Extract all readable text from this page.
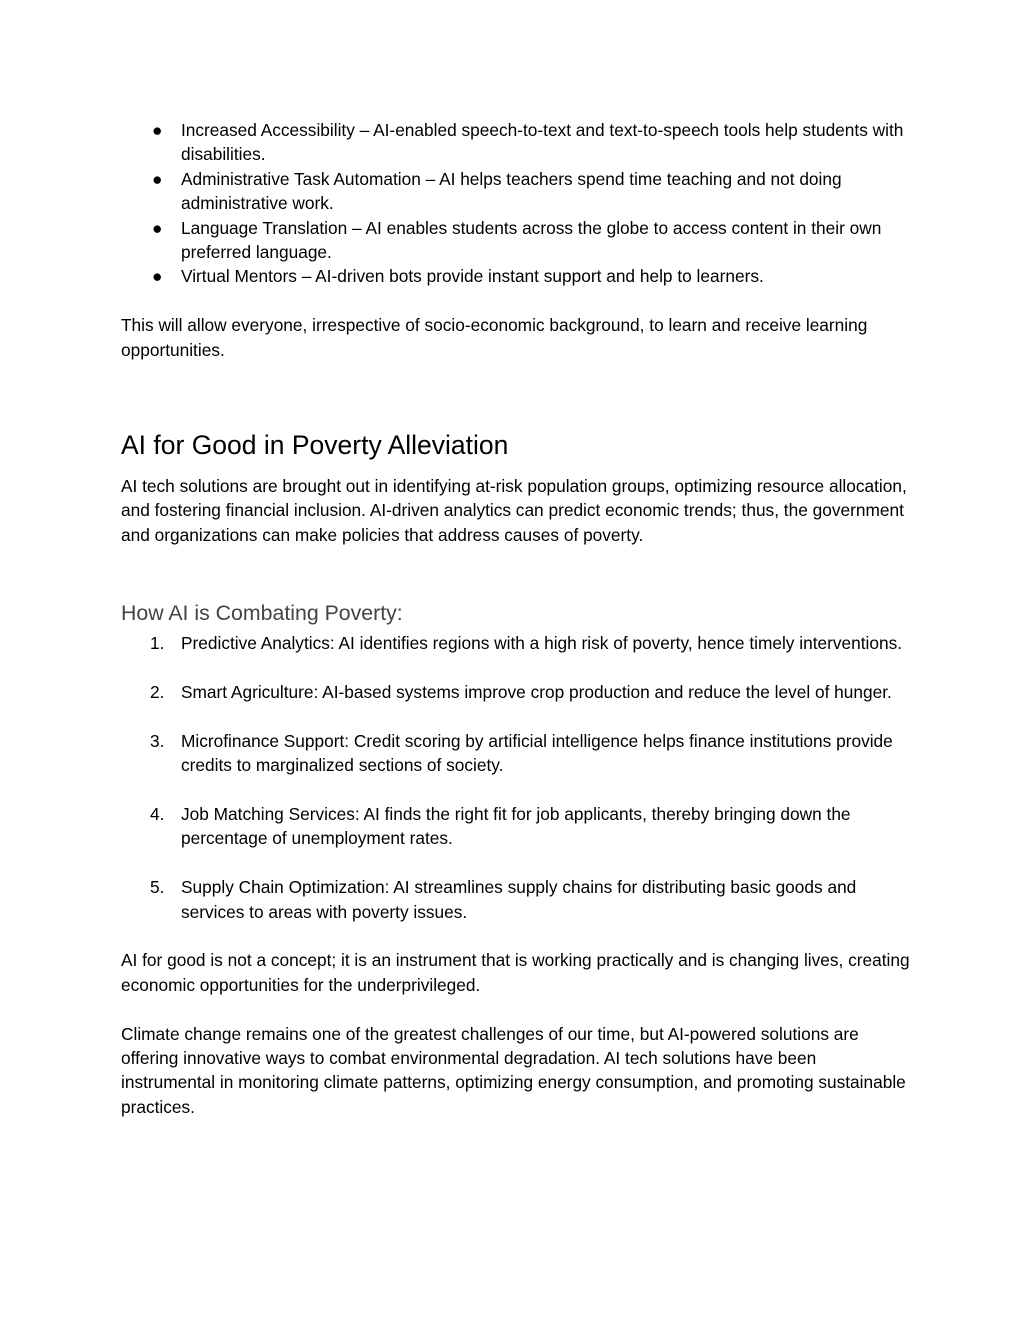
● Increased Accessibility – AI-enabled speech-to-text and text-to-speech tools help students with disabilities.
● Administrative Task Automation – AI helps teachers spend time teaching and not doing administrative work.
● Language Translation – AI enables students across the globe to access content in their own preferred language.
● Virtual Mentors – AI-driven bots provide instant support and help to learners.

This will allow everyone, irrespective of socio-economic background, to learn and receive learning opportunities.

AI for Good in Poverty Alleviation

AI tech solutions are brought out in identifying at-risk population groups, optimizing resource allocation, and fostering financial inclusion. AI-driven analytics can predict economic trends; thus, the government and organizations can make policies that address causes of poverty.

How AI is Combating Poverty:
1. Predictive Analytics: AI identifies regions with a high risk of poverty, hence timely interventions.
2. Smart Agriculture: AI-based systems improve crop production and reduce the level of hunger.
3. Microfinance Support: Credit scoring by artificial intelligence helps finance institutions provide credits to marginalized sections of society.
4. Job Matching Services: AI finds the right fit for job applicants, thereby bringing down the percentage of unemployment rates.
5. Supply Chain Optimization: AI streamlines supply chains for distributing basic goods and services to areas with poverty issues.

AI for good is not a concept; it is an instrument that is working practically and is changing lives, creating economic opportunities for the underprivileged.

Climate change remains one of the greatest challenges of our time, but AI-powered solutions are offering innovative ways to combat environmental degradation. AI tech solutions have been instrumental in monitoring climate patterns, optimizing energy consumption, and promoting sustainable practices.
